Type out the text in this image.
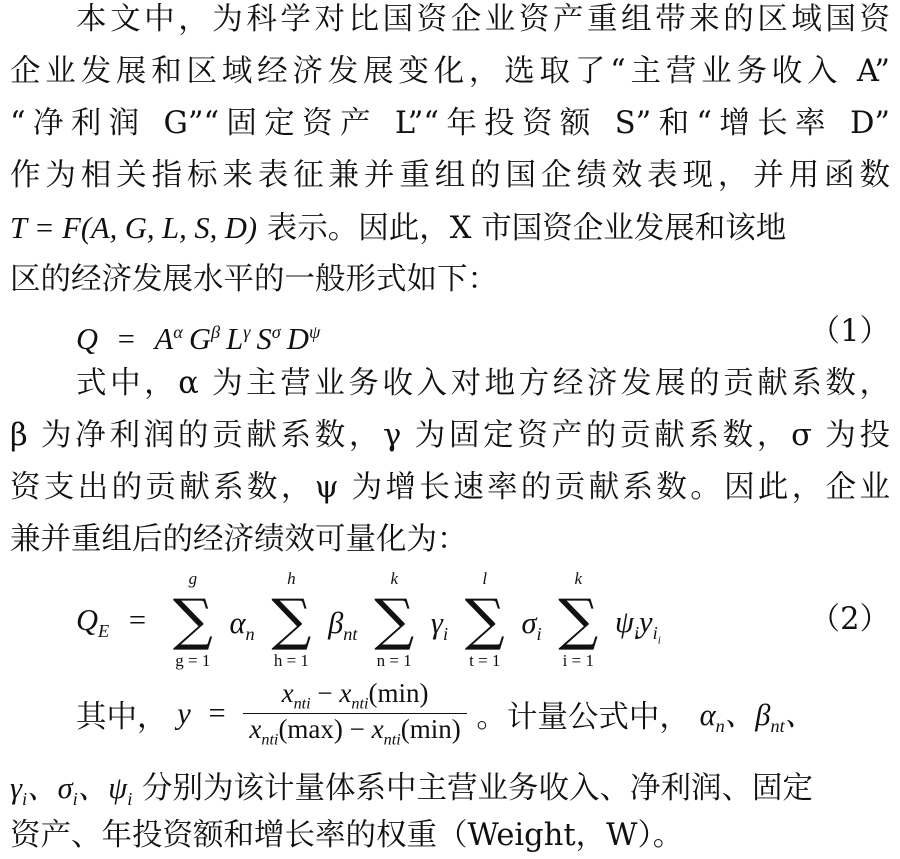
本文中，为科学对比国资企业资产重组带来的区域国资
企业发展和区域经济发展变化，选取了“主营业务收入 A”
“净利润 G”“固定资产 L”“年投资额 S”和“增长率 D”
作为相关指标来表征兼并重组的国企绩效表现，并用函数
T = F(A, G, L, S, D) 表示。因此，X 市国资企业发展和该地
区的经济发展水平的一般形式如下：
$Q = A^\alpha$ $G^\beta$ $L^\gamma$ $S^\sigma$ $D^\psi$	（1）
式中，α 为主营业务收入对地方经济发展的贡献系数，
β 为净利润的贡献系数，γ 为固定资产的贡献系数，σ 为投
资支出的贡献系数，ψ 为增长速率的贡献系数。因此，企业
兼并重组后的经济绩效可量化为：
$Q_E$ =
g
∑
g = 1
$\alpha_n$
h
∑
h = 1
$\beta_{nt}$
k
∑
n = 1
$\gamma_i$
l
∑
t = 1
$\sigma_i$
k
∑
i = 1
$\psi_iy_{i_i}$
（2）
其中， $y = \frac{x_{nti} - x_{nti}(\min)}{x_{nti}(\max) - x_{nti}(\min)}$ 。计量公式中， $\alpha_n$、$\beta_{nt}$、
$\gamma_i$、$\sigma_i$、$\psi_i$ 分别为该计量体系中主营业务收入、净利润、固定
资产、年投资额和增长率的权重（Weight，W）。
